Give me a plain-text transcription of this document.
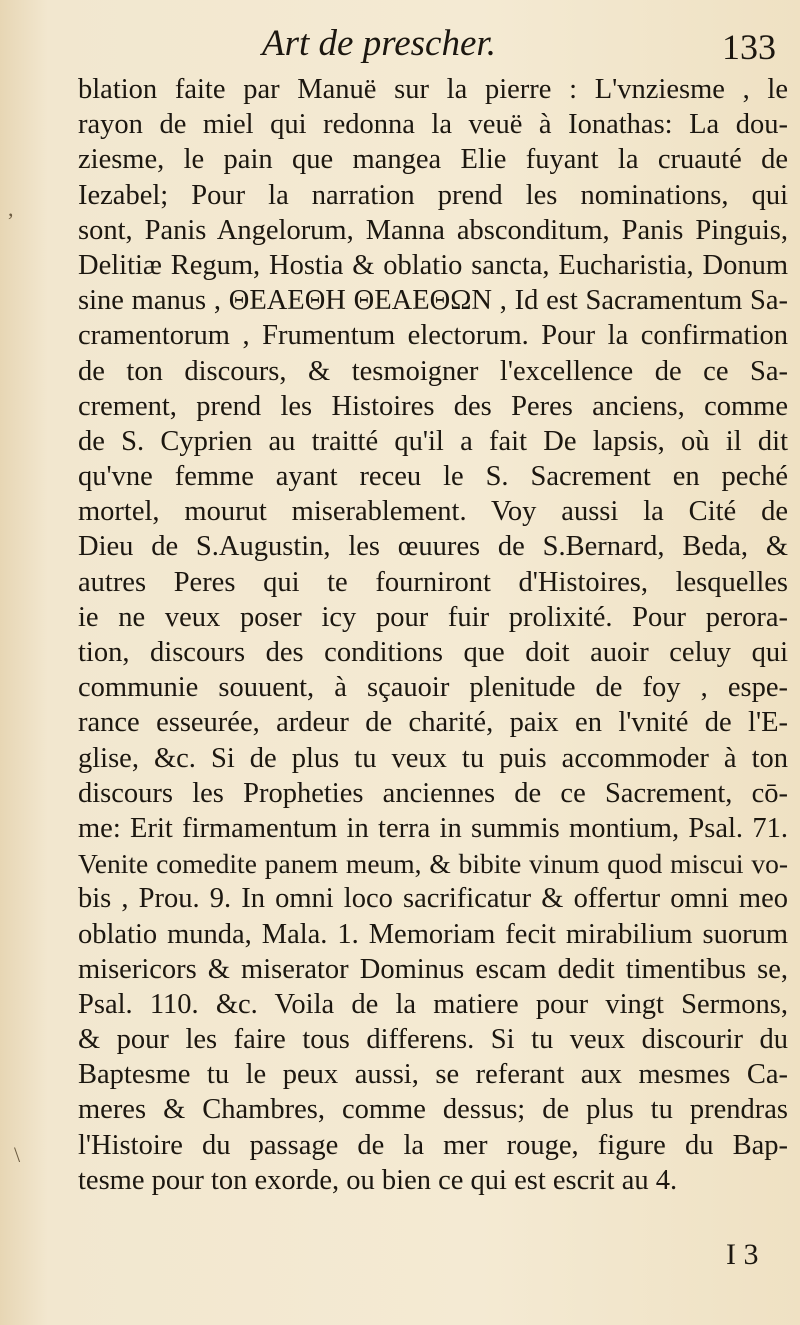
Art de prescher.	133
,
\
blation faite par Manuë sur la pierre : L'vnziesme , le
rayon de miel qui redonna la veuë à Ionathas: La dou-
ziesme, le pain que mangea Elie fuyant la cruauté de
Iezabel; Pour la narration prend les nominations, qui
sont, Panis Angelorum, Manna absconditum, Panis Pinguis,
Delitiæ Regum, Hostia & oblatio sancta, Eucharistia, Donum
sine manus , ΘΕΑΕΘΗ ΘΕΑΕΘΩΝ , Id est Sacramentum Sa-
cramentorum , Frumentum electorum. Pour la confirmation
de ton discours, & tesmoigner l'excellence de ce Sa-
crement, prend les Histoires des Peres anciens, comme
de S. Cyprien au traitté qu'il a fait De lapsis, où il dit
qu'vne femme ayant receu le S. Sacrement en peché
mortel, mourut miserablement. Voy aussi la Cité de
Dieu de S.Augustin, les œuures de S.Bernard, Beda, &
autres Peres qui te fourniront d'Histoires, lesquelles
ie ne veux poser icy pour fuir prolixité. Pour perora-
tion, discours des conditions que doit auoir celuy qui
communie souuent, à sçauoir plenitude de foy , espe-
rance esseurée, ardeur de charité, paix en l'vnité de l'E-
glise, &c. Si de plus tu veux tu puis accommoder à ton
discours les Propheties anciennes de ce Sacrement, cō-
me: Erit firmamentum in terra in summis montium, Psal. 71.
Venite comedite panem meum, & bibite vinum quod miscui vo-
bis , Prou. 9. In omni loco sacrificatur & offertur omni meo
oblatio munda, Mala. 1. Memoriam fecit mirabilium suorum
misericors & miserator Dominus escam dedit timentibus se,
Psal. 110. &c. Voila de la matiere pour vingt Sermons,
& pour les faire tous differens. Si tu veux discourir du
Baptesme tu le peux aussi, se referant aux mesmes Ca-
meres & Chambres, comme dessus; de plus tu prendras
l'Histoire du passage de la mer rouge, figure du Bap-
tesme pour ton exorde, ou bien ce qui est escrit au 4.
I 3
